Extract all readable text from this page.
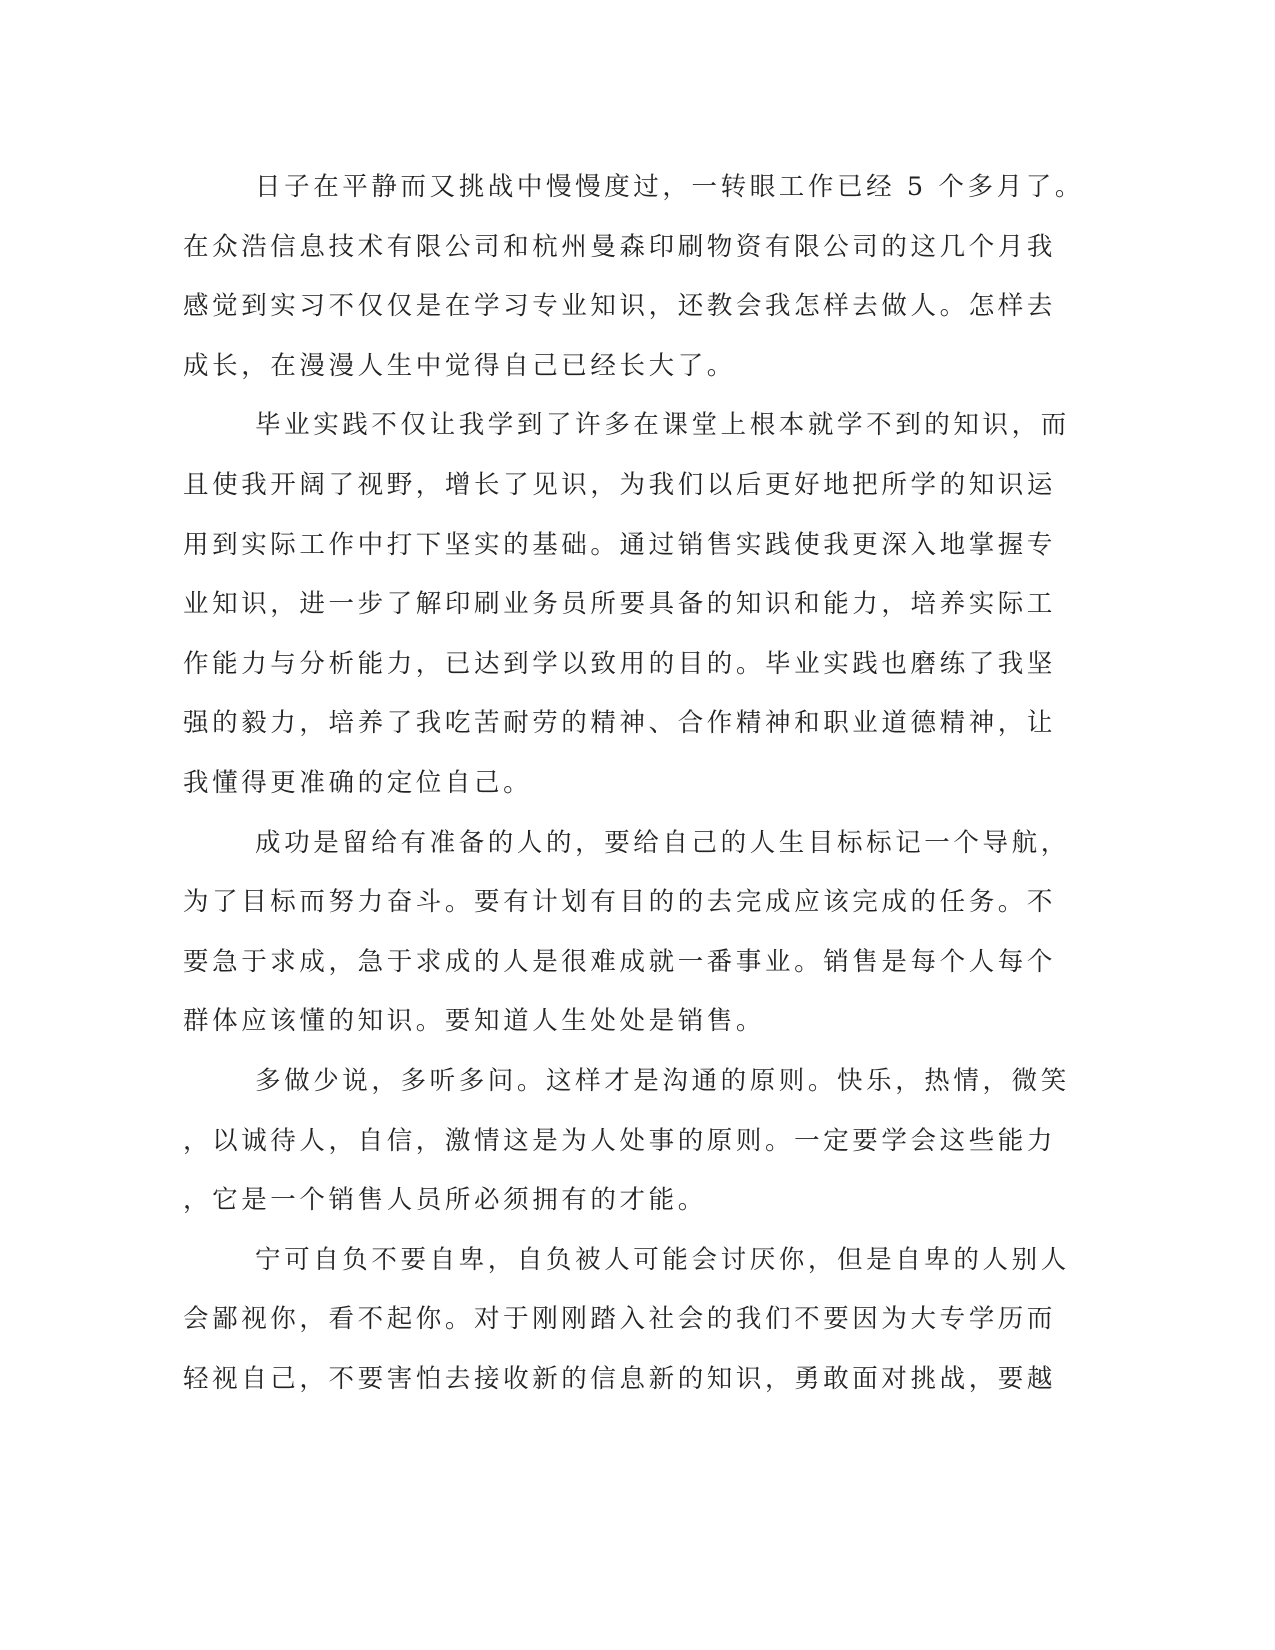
日子在平静而又挑战中慢慢度过，一转眼工作已经 5 个多月了。
在众浩信息技术有限公司和杭州曼森印刷物资有限公司的这几个月我
感觉到实习不仅仅是在学习专业知识，还教会我怎样去做人。怎样去
成长，在漫漫人生中觉得自己已经长大了。
毕业实践不仅让我学到了许多在课堂上根本就学不到的知识，而
且使我开阔了视野，增长了见识，为我们以后更好地把所学的知识运
用到实际工作中打下坚实的基础。通过销售实践使我更深入地掌握专
业知识，进一步了解印刷业务员所要具备的知识和能力，培养实际工
作能力与分析能力，已达到学以致用的目的。毕业实践也磨练了我坚
强的毅力，培养了我吃苦耐劳的精神、合作精神和职业道德精神，让
我懂得更准确的定位自己。
成功是留给有准备的人的，要给自己的人生目标标记一个导航，
为了目标而努力奋斗。要有计划有目的的去完成应该完成的任务。不
要急于求成，急于求成的人是很难成就一番事业。销售是每个人每个
群体应该懂的知识。要知道人生处处是销售。
多做少说，多听多问。这样才是沟通的原则。快乐，热情，微笑
，以诚待人，自信，激情这是为人处事的原则。一定要学会这些能力
，它是一个销售人员所必须拥有的才能。
宁可自负不要自卑，自负被人可能会讨厌你，但是自卑的人别人
会鄙视你，看不起你。对于刚刚踏入社会的我们不要因为大专学历而
轻视自己，不要害怕去接收新的信息新的知识，勇敢面对挑战，要越
